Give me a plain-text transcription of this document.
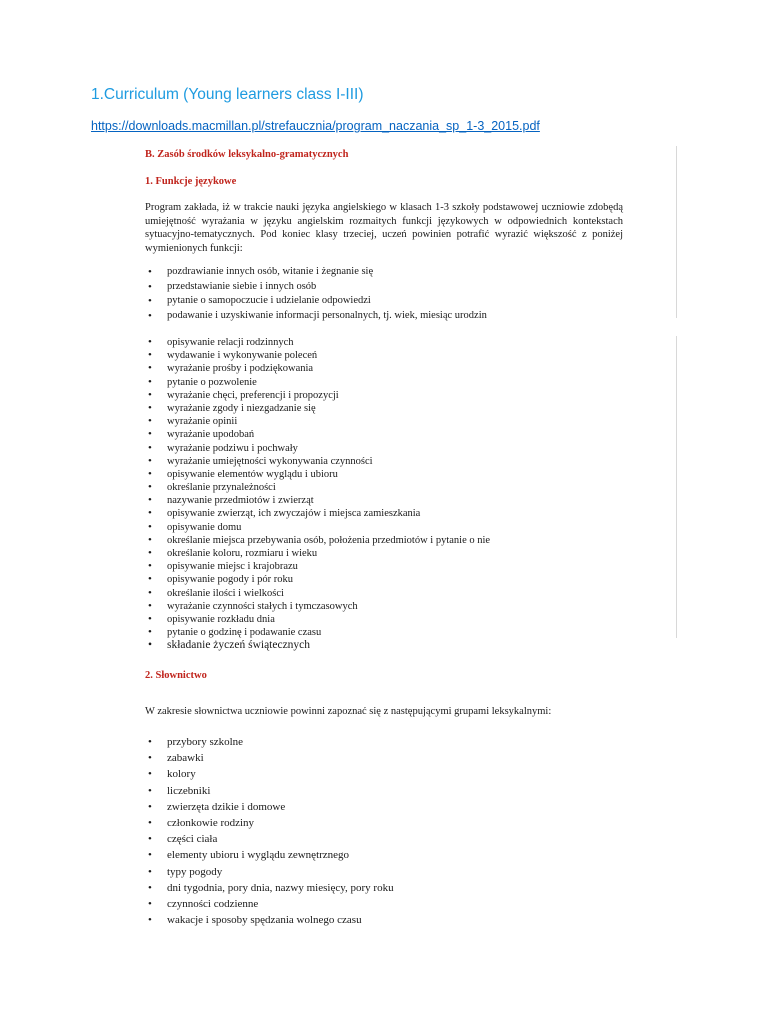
1.Curriculum (Young learners class I-III)
https://downloads.macmillan.pl/strefaucznia/program_naczania_sp_1-3_2015.pdf

B. Zasób środków leksykalno-gramatycznych

1. Funkcje językowe

Program zakłada, iż w trakcie nauki języka angielskiego w klasach 1-3 szkoły podstawowej uczniowie zdobędą umiejętność wyrażania w języku angielskim rozmaitych funkcji językowych w odpowiednich kontekstach sytuacyjno-tematycznych. Pod koniec klasy trzeciej, uczeń powinien potrafić wyrazić większość z poniżej wymienionych funkcji:

• pozdrawianie innych osób, witanie i żegnanie się
• przedstawianie siebie i innych osób
• pytanie o samopoczucie i udzielanie odpowiedzi
• podawanie i uzyskiwanie informacji personalnych, tj. wiek, miesiąc urodzin
• opisywanie relacji rodzinnych
• wydawanie i wykonywanie poleceń
• wyrażanie prośby i podziękowania
• pytanie o pozwolenie
• wyrażanie chęci, preferencji i propozycji
• wyrażanie zgody i niezgadzanie się
• wyrażanie opinii
• wyrażanie upodobań
• wyrażanie podziwu i pochwały
• wyrażanie umiejętności wykonywania czynności
• opisywanie elementów wyglądu i ubioru
• określanie przynależności
• nazywanie przedmiotów i zwierząt
• opisywanie zwierząt, ich zwyczajów i miejsca zamieszkania
• opisywanie domu
• określanie miejsca przebywania osób, położenia przedmiotów i pytanie o nie
• określanie koloru, rozmiaru i wieku
• opisywanie miejsc i krajobrazu
• opisywanie pogody i pór roku
• określanie ilości i wielkości
• wyrażanie czynności stałych i tymczasowych
• opisywanie rozkładu dnia
• pytanie o godzinę i podawanie czasu
• składanie życzeń świątecznych

2. Słownictwo

W zakresie słownictwa uczniowie powinni zapoznać się z następującymi grupami leksykalnymi:

• przybory szkolne
• zabawki
• kolory
• liczebniki
• zwierzęta dzikie i domowe
• członkowie rodziny
• części ciała
• elementy ubioru i wyglądu zewnętrznego
• typy pogody
• dni tygodnia, pory dnia, nazwy miesięcy, pory roku
• czynności codzienne
• wakacje i sposoby spędzania wolnego czasu
